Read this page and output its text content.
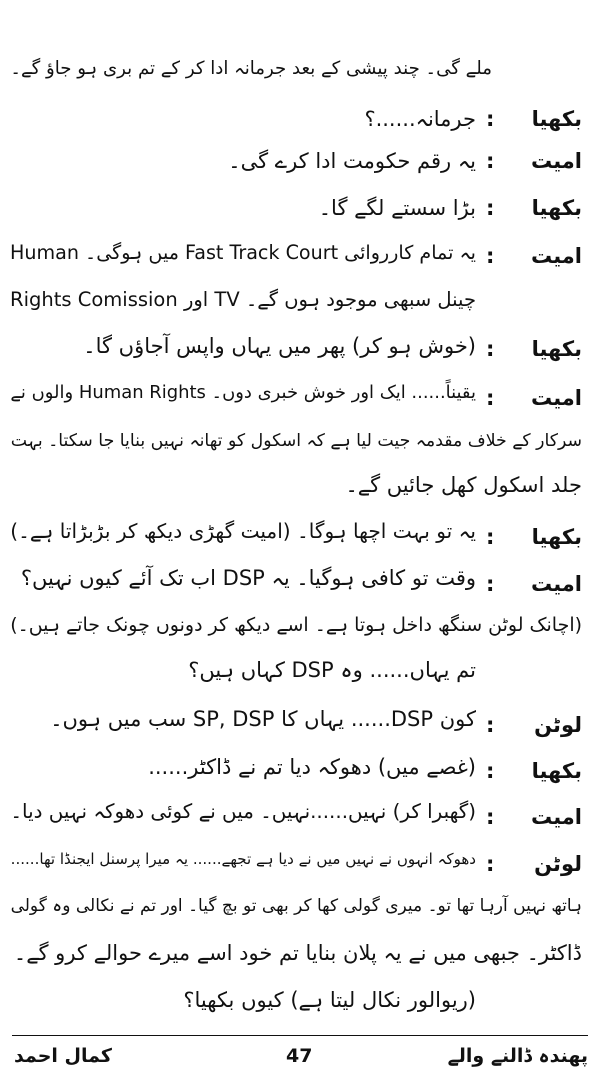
ملے گی۔ چند پیشی کے بعد جرمانہ ادا کر کے تم بری ہو جاؤ گے۔
بکھیا
:
جرمانہ......؟
امیت
:
یہ رقم حکومت ادا کرے گی۔
بکھیا
:
بڑا سستے لگے گا۔
امیت
:
یہ تمام کارروائی Fast Track Court میں ہوگی۔ Human
Rights Comission اور TV چینل سبھی موجود ہوں گے۔
بکھیا
:
(خوش ہو کر) پھر میں یہاں واپس آجاؤں گا۔
امیت
:
یقیناً...... ایک اور خوش خبری دوں۔ Human Rights والوں نے
سرکار کے خلاف مقدمہ جیت لیا ہے کہ اسکول کو تھانہ نہیں بنایا جا سکتا۔ بہت
جلد اسکول کھل جائیں گے۔
بکھیا
:
یہ تو بہت اچھا ہوگا۔ (امیت گھڑی دیکھ کر بڑبڑاتا ہے۔)
امیت
:
وقت تو کافی ہوگیا۔ یہ DSP اب تک آئے کیوں نہیں؟
(اچانک لوٹن سنگھ داخل ہوتا ہے۔ اسے دیکھ کر دونوں چونک جاتے ہیں۔)
تم یہاں...... وہ DSP کہاں ہیں؟
لوٹن
:
کون DSP...... یہاں کا SP, DSP سب میں ہوں۔
بکھیا
:
(غصے میں) دھوکہ دیا تم نے ڈاکٹر......
امیت
:
(گھبرا کر) نہیں......نہیں۔ میں نے کوئی دھوکہ نہیں دیا۔
لوٹن
:
دھوکہ انہوں نے نہیں میں نے دیا ہے تجھے...... یہ میرا پرسنل ایجنڈا تھا......
ہاتھ نہیں آرہا تھا تو۔ میری گولی کھا کر بھی تو بچ گیا۔ اور تم نے نکالی وہ گولی
ڈاکٹر۔ جبھی میں نے یہ پلان بنایا تم خود اسے میرے حوالے کرو گے۔
(ریوالور نکال لیتا ہے) کیوں بکھیا؟
کمال احمد	47	پھندہ ڈالنے والے
